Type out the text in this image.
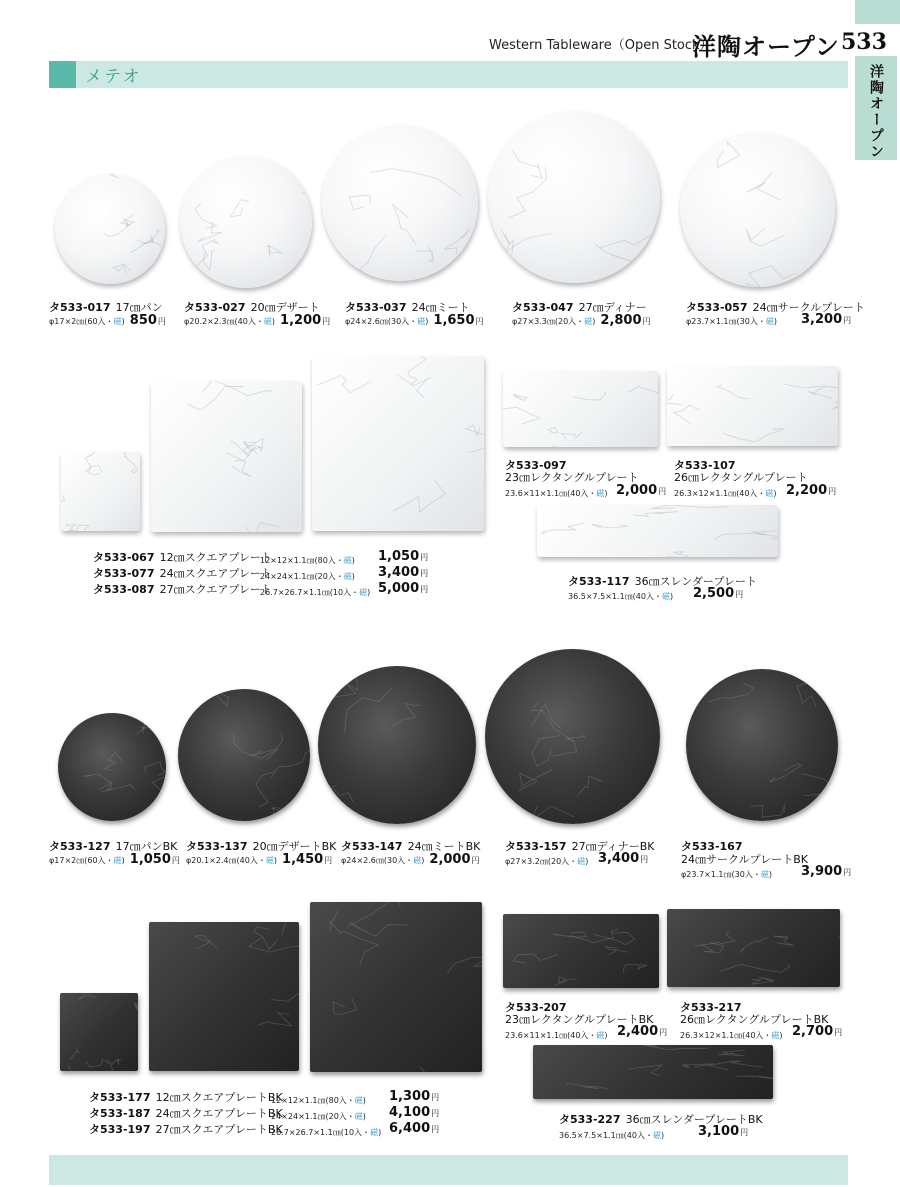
Western Tableware（Open Stock）
洋陶オープン 533
洋陶オープン
メテオ
タ533-017 17㎝パン
φ17×2㎝(60入・磁) 850円
タ533-027 20㎝デザート
φ20.2×2.3㎝(40入・磁) 1,200円
タ533-037 24㎝ミート
φ24×2.6㎝(30入・磁) 1,650円
タ533-047 27㎝ディナー
φ27×3.3㎝(20入・磁) 2,800円
タ533-057 24㎝サークルプレート
φ23.7×1.1㎝(30入・磁) 3,200円
タ533-067 12㎝スクエアプレート
12×12×1.1㎝(80入・磁) 1,050円
タ533-077 24㎝スクエアプレート
24×24×1.1㎝(20入・磁) 3,400円
タ533-087 27㎝スクエアプレート
26.7×26.7×1.1㎝(10入・磁) 5,000円
タ533-097
23㎝レクタングルプレート
23.6×11×1.1㎝(40入・磁) 2,000円
タ533-107
26㎝レクタングルプレート
26.3×12×1.1㎝(40入・磁) 2,200円
タ533-117 36㎝スレンダープレート
36.5×7.5×1.1㎝(40入・磁) 2,500円
タ533-127 17㎝パンBK
φ17×2㎝(60入・磁) 1,050円
タ533-137 20㎝デザートBK
φ20.1×2.4㎝(40入・磁) 1,450円
タ533-147 24㎝ミートBK
φ24×2.6㎝(30入・磁) 2,000円
タ533-157 27㎝ディナーBK
φ27×3.2㎝(20入・磁) 3,400円
タ533-167
24㎝サークルプレートBK
φ23.7×1.1㎝(30入・磁) 3,900円
タ533-177 12㎝スクエアプレートBK
12×12×1.1㎝(80入・磁) 1,300円
タ533-187 24㎝スクエアプレートBK
24×24×1.1㎝(20入・磁) 4,100円
タ533-197 27㎝スクエアプレートBK
26.7×26.7×1.1㎝(10入・磁) 6,400円
タ533-207
23㎝レクタングルプレートBK
23.6×11×1.1㎝(40入・磁) 2,400円
タ533-217
26㎝レクタングルプレートBK
26.3×12×1.1㎝(40入・磁) 2,700円
タ533-227 36㎝スレンダープレートBK
36.5×7.5×1.1㎝(40入・磁)	3,100円
